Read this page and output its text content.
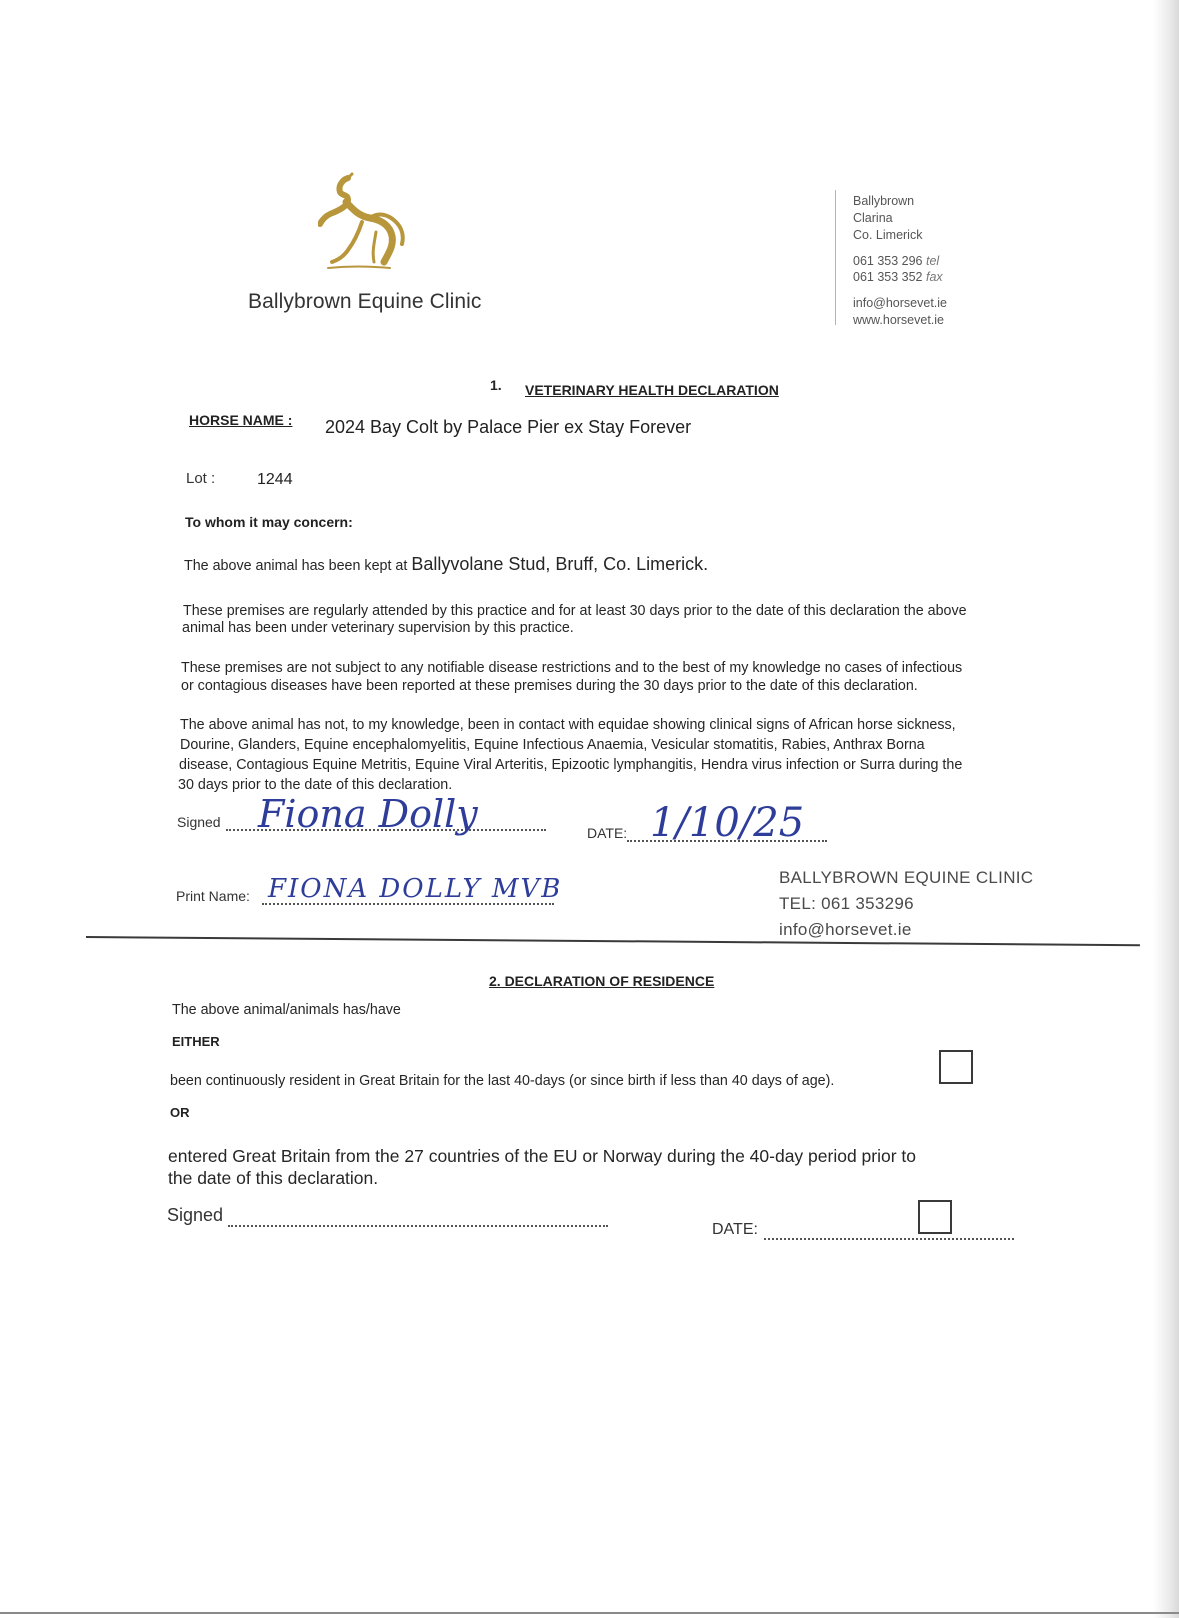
Ballybrown Equine Clinic
Ballybrown
Clarina
Co. Limerick
061 353 296 tel
061 353 352 fax
info@horsevet.ie
www.horsevet.ie
1. VETERINARY HEALTH DECLARATION
HORSE NAME : 2024 Bay Colt by Palace Pier ex Stay Forever
Lot :	1244
To whom it may concern:
The above animal has been kept at Ballyvolane Stud, Bruff, Co. Limerick.
These premises are regularly attended by this practice and for at least 30 days prior to the date of this declaration the above
animal has been under veterinary supervision by this practice.
These premises are not subject to any notifiable disease restrictions and to the best of my knowledge no cases of infectious
or contagious diseases have been reported at these premises during the 30 days prior to the date of this declaration.
The above animal has not, to my knowledge, been in contact with equidae showing clinical signs of African horse sickness,
Dourine, Glanders, Equine encephalomyelitis, Equine Infectious Anaemia, Vesicular stomatitis, Rabies, Anthrax Borna
disease, Contagious Equine Metritis, Equine Viral Arteritis, Epizootic lymphangitis, Hendra virus infection or Surra during the
30 days prior to the date of this declaration.
Signed Fiona Dolly	DATE: 1/10/25
Print Name: FIONA DOLLY MVB	BALLYBROWN EQUINE CLINIC
TEL: 061 353296
info@horsevet.ie
2. DECLARATION OF RESIDENCE
The above animal/animals has/have
EITHER
been continuously resident in Great Britain for the last 40-days (or since birth if less than 40 days of age).
OR
entered Great Britain from the 27 countries of the EU or Norway during the 40-day period prior to
the date of this declaration.
Signed
DATE:
